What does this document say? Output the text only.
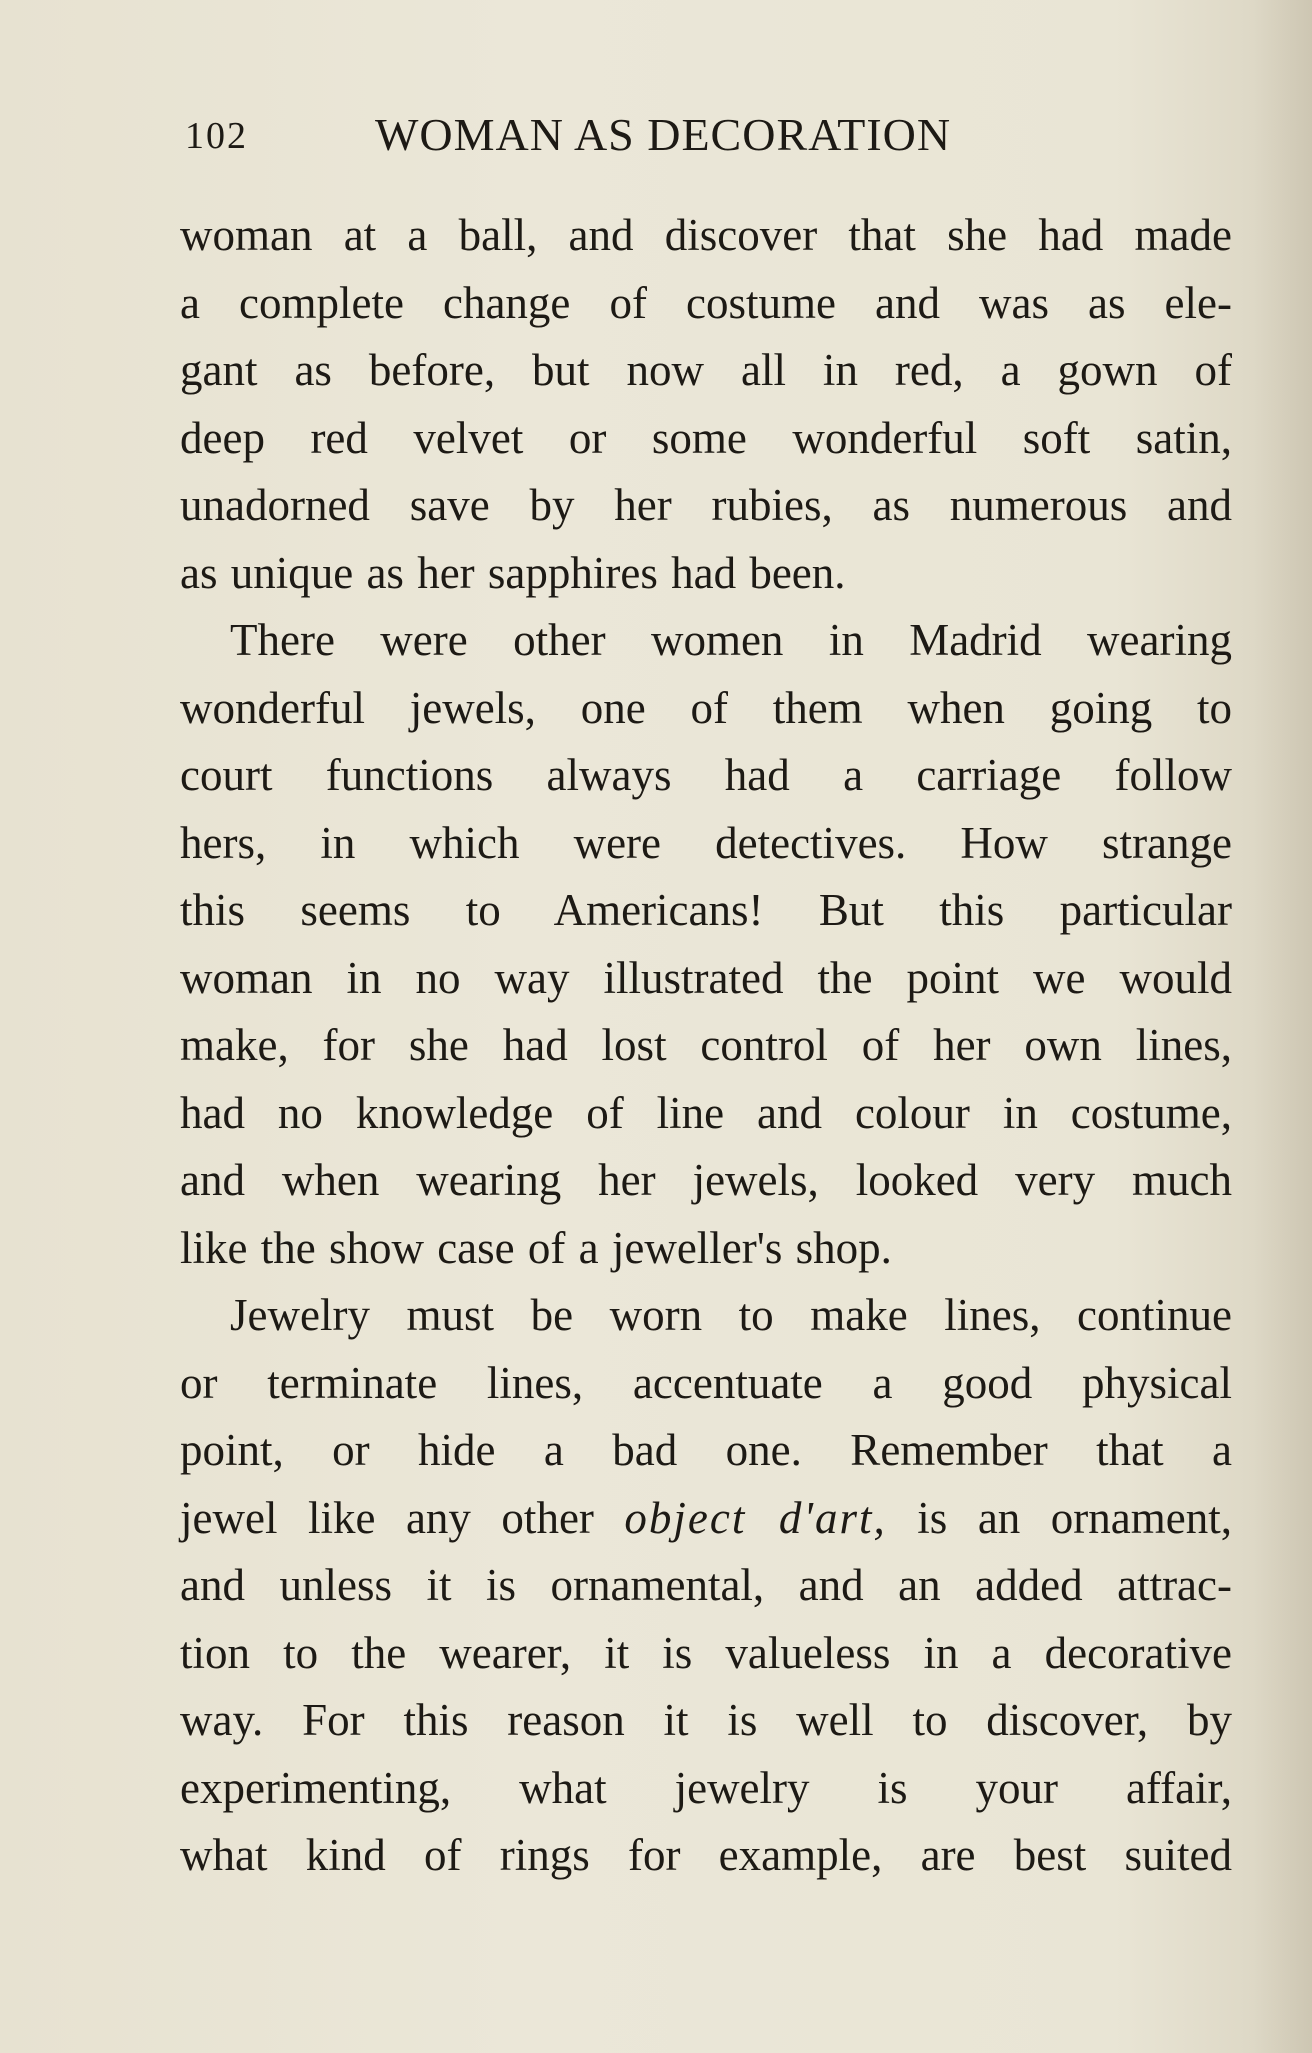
102	WOMAN AS DECORATION
woman at a ball, and discover that she had made
a complete change of costume and was as ele-
gant as before, but now all in red, a gown of
deep red velvet or some wonderful soft satin,
unadorned save by her rubies, as numerous and
as unique as her sapphires had been.
There were other women in Madrid wearing
wonderful jewels, one of them when going to
court functions always had a carriage follow
hers, in which were detectives. How strange
this seems to Americans! But this particular
woman in no way illustrated the point we would
make, for she had lost control of her own lines,
had no knowledge of line and colour in costume,
and when wearing her jewels, looked very much
like the show case of a jeweller's shop.
Jewelry must be worn to make lines, continue
or terminate lines, accentuate a good physical
point, or hide a bad one. Remember that a
jewel like any other object d'art, is an ornament,
and unless it is ornamental, and an added attrac-
tion to the wearer, it is valueless in a decorative
way. For this reason it is well to discover, by
experimenting, what jewelry is your affair,
what kind of rings for example, are best suited
